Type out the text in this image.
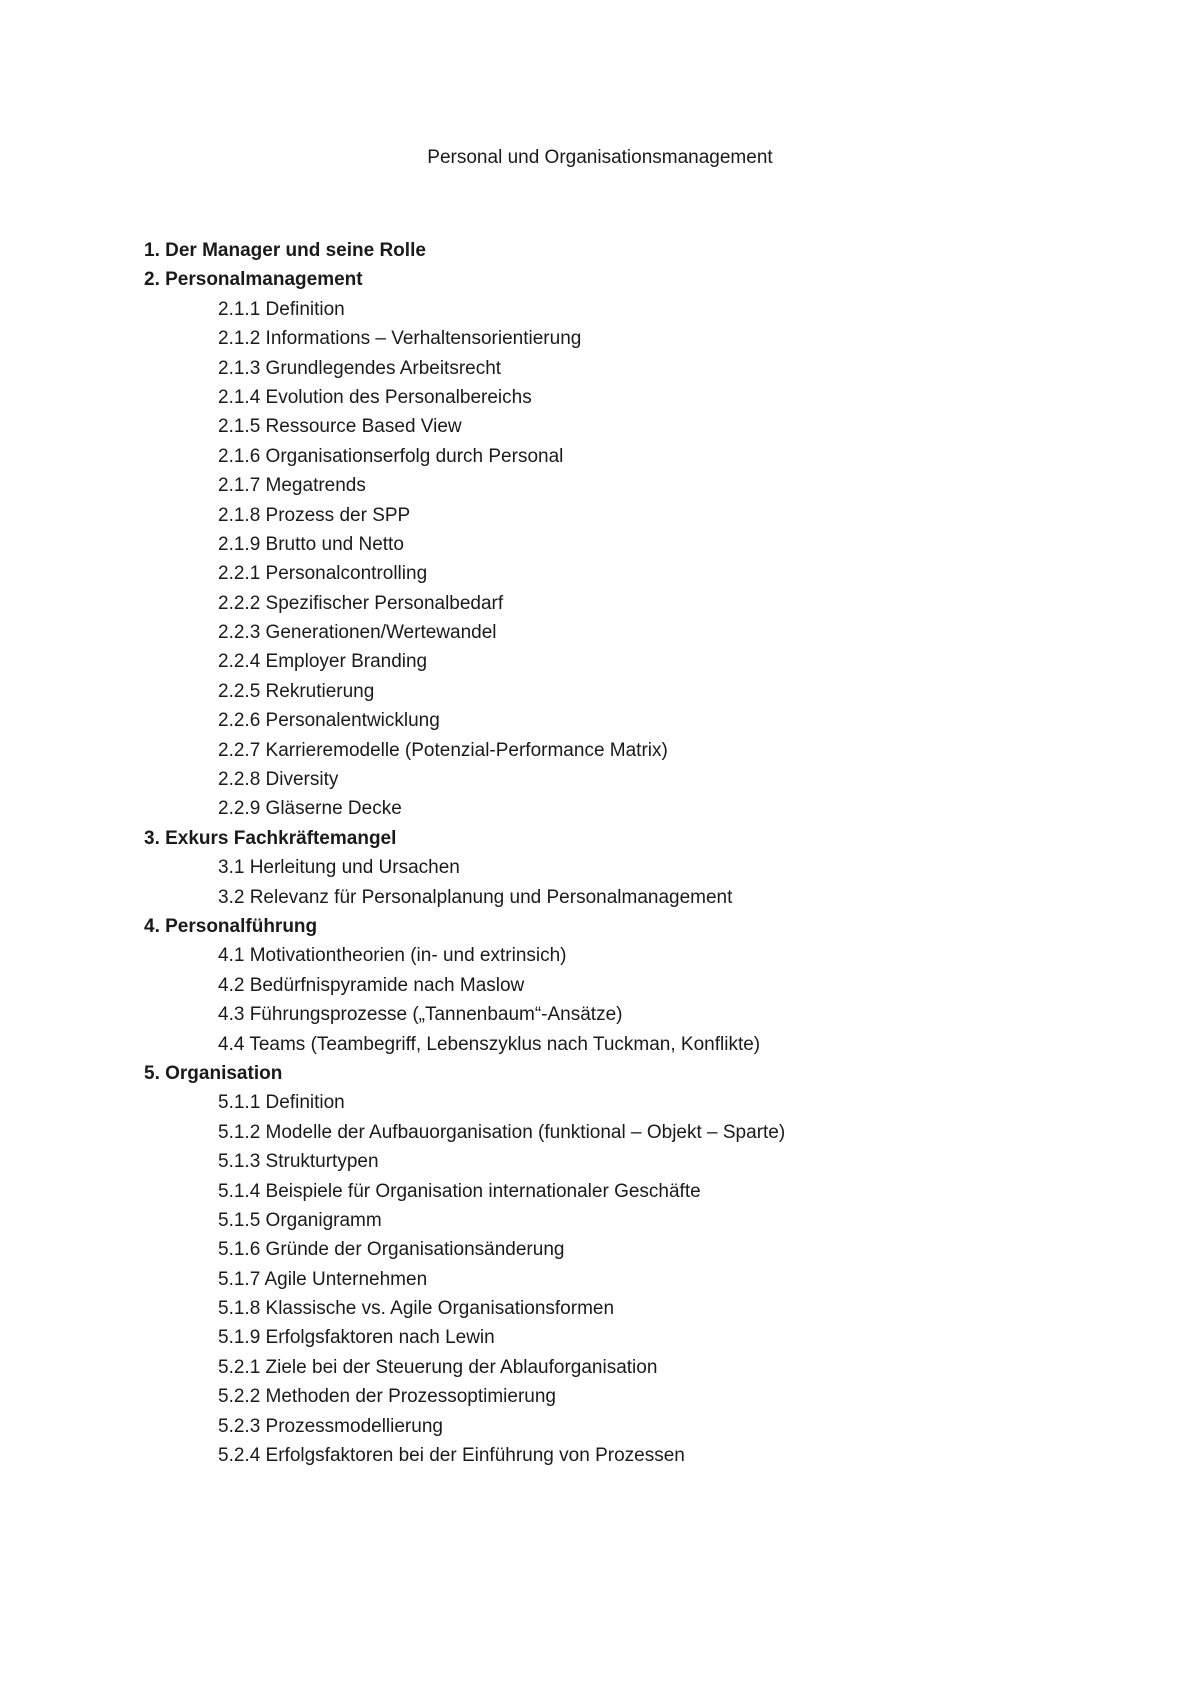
Personal und Organisationsmanagement
1. Der Manager und seine Rolle
2. Personalmanagement
2.1.1 Definition
2.1.2 Informations – Verhaltensorientierung
2.1.3 Grundlegendes Arbeitsrecht
2.1.4 Evolution des Personalbereichs
2.1.5 Ressource Based View
2.1.6 Organisationserfolg durch Personal
2.1.7 Megatrends
2.1.8 Prozess der SPP
2.1.9 Brutto und Netto
2.2.1 Personalcontrolling
2.2.2 Spezifischer Personalbedarf
2.2.3 Generationen/Wertewandel
2.2.4 Employer Branding
2.2.5 Rekrutierung
2.2.6 Personalentwicklung
2.2.7 Karrieremodelle (Potenzial-Performance Matrix)
2.2.8 Diversity
2.2.9 Gläserne Decke
3. Exkurs Fachkräftemangel
3.1 Herleitung und Ursachen
3.2 Relevanz für Personalplanung und Personalmanagement
4. Personalführung
4.1 Motivationtheorien (in- und extrinsich)
4.2 Bedürfnispyramide nach Maslow
4.3 Führungsprozesse („Tannenbaum“-Ansätze)
4.4 Teams (Teambegriff, Lebenszyklus nach Tuckman, Konflikte)
5. Organisation
5.1.1 Definition
5.1.2 Modelle der Aufbauorganisation (funktional – Objekt – Sparte)
5.1.3 Strukturtypen
5.1.4 Beispiele für Organisation internationaler Geschäfte
5.1.5 Organigramm
5.1.6 Gründe der Organisationsänderung
5.1.7 Agile Unternehmen
5.1.8 Klassische vs. Agile Organisationsformen
5.1.9 Erfolgsfaktoren nach Lewin
5.2.1 Ziele bei der Steuerung der Ablauforganisation
5.2.2 Methoden der Prozessoptimierung
5.2.3 Prozessmodellierung
5.2.4 Erfolgsfaktoren bei der Einführung von Prozessen
